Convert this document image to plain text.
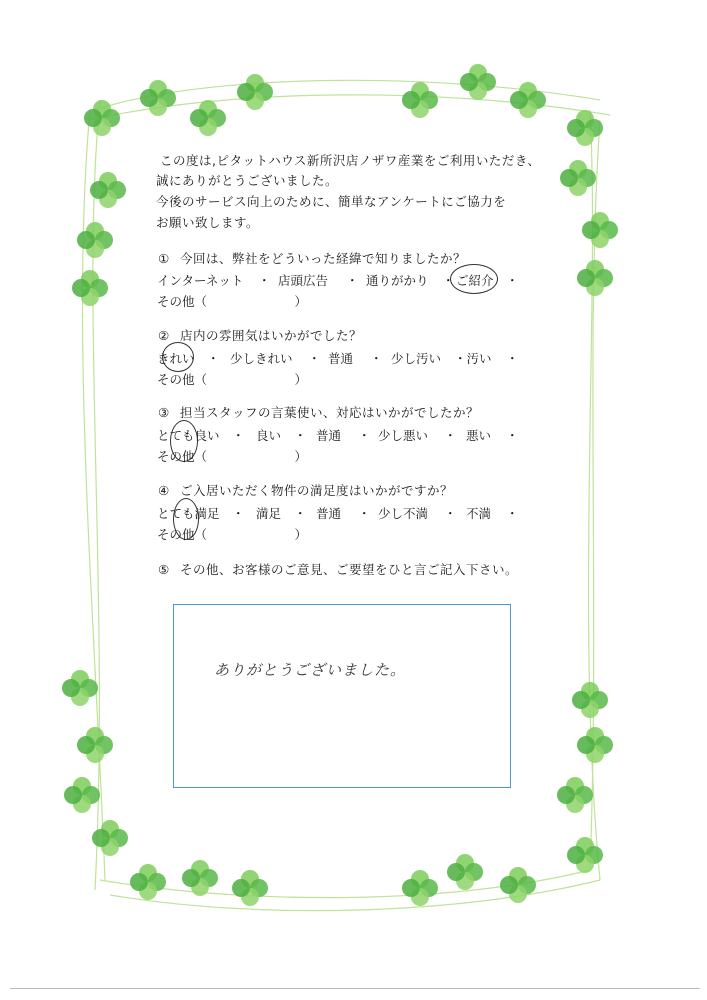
この度は,ピタットハウス新所沢店ノザワ産業をご利用いただき、
誠にありがとうございました。
今後のサービス向上のために、簡単なアンケートにご協力を
お願い致します。
① 今回は、弊社をどういった経緯で知りましたか？
インターネット ・ 店頭広告 ・ 通りがかり ・ ご紹介 ・
その他（　　　　　　　）
② 店内の雰囲気はいかがでした？
きれい ・ 少しきれい ・ 普通 ・ 少し汚い ・汚い ・
その他（　　　　　　　）
③ 担当スタッフの言葉使い、対応はいかがでしたか？
とても良い ・ 良い ・ 普通 ・ 少し悪い ・ 悪い ・
その他（　　　　　　　）
④ ご入居いただく物件の満足度はいかがですか？
とても満足 ・ 満足 ・ 普通 ・ 少し不満 ・ 不満 ・
その他（　　　　　　　）
⑤ その他、お客様のご意見、ご要望をひと言ご記入下さい。
ありがとうございました。
